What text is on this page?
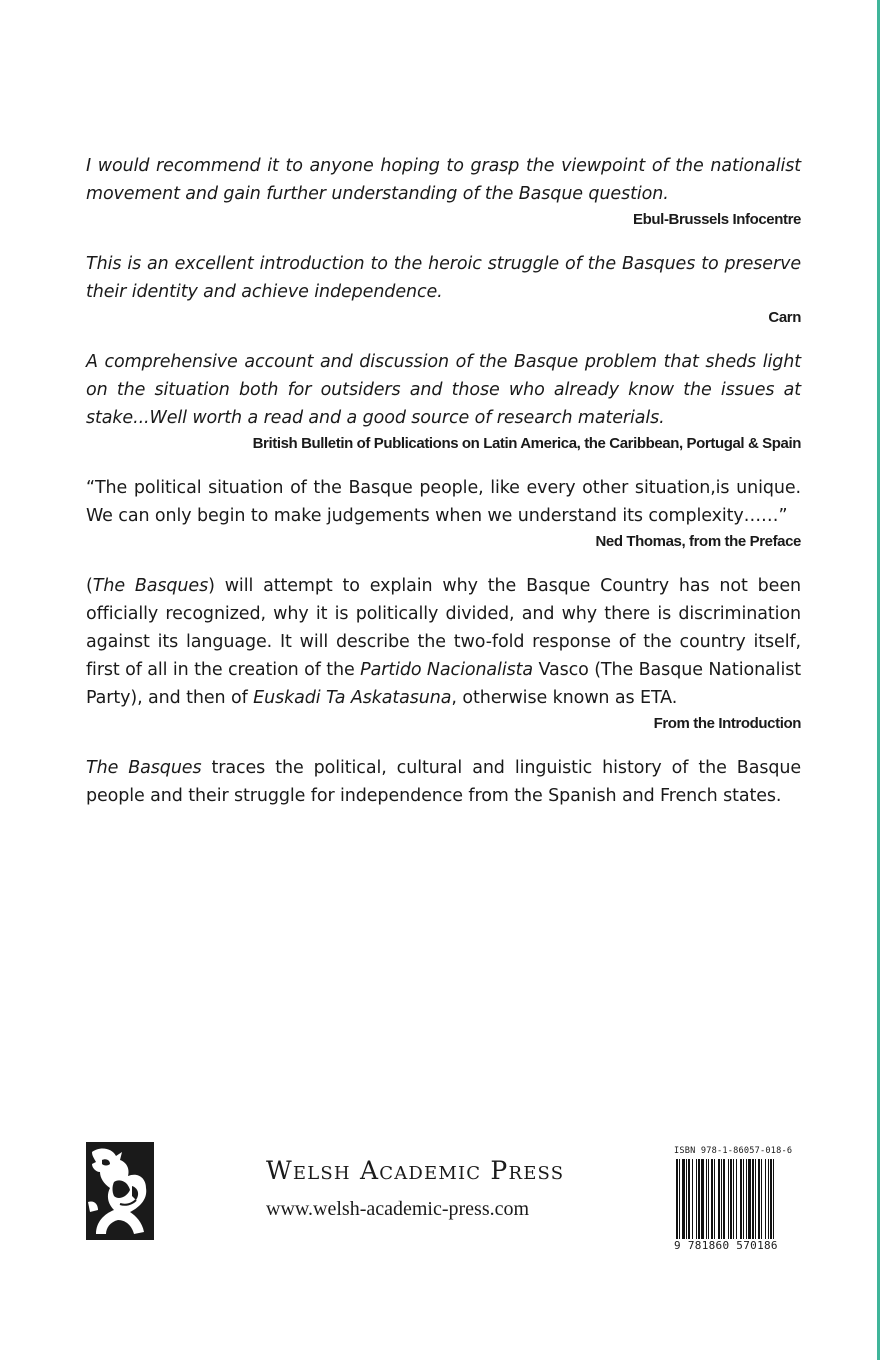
I would recommend it to anyone hoping to grasp the viewpoint of the nationalist movement and gain further understanding of the Basque question.

Ebul-Brussels Infocentre

This is an excellent introduction to the heroic struggle of the Basques to preserve their identity and achieve independence.

Carn

A comprehensive account and discussion of the Basque problem that sheds light on the situation both for outsiders and those who already know the issues at stake...Well worth a read and a good source of research materials.

British Bulletin of Publications on Latin America, the Caribbean, Portugal & Spain

“The political situation of the Basque people, like every other situation,is unique. We can only begin to make judgements when we understand its complexity……”

Ned Thomas, from the Preface

(The Basques) will attempt to explain why the Basque Country has not been officially recognized, why it is politically divided, and why there is discrimination against its language. It will describe the two-fold response of the country itself, first of all in the creation of the Partido Nacionalista Vasco (The Basque Nationalist Party), and then of Euskadi Ta Askatasuna, otherwise known as ETA.

From the Introduction

The Basques traces the political, cultural and linguistic history of the Basque people and their struggle for independence from the Spanish and French states.

Welsh Academic Press
www.welsh-academic-press.com
ISBN 978-1-86057-018-6
9 781860 570186
